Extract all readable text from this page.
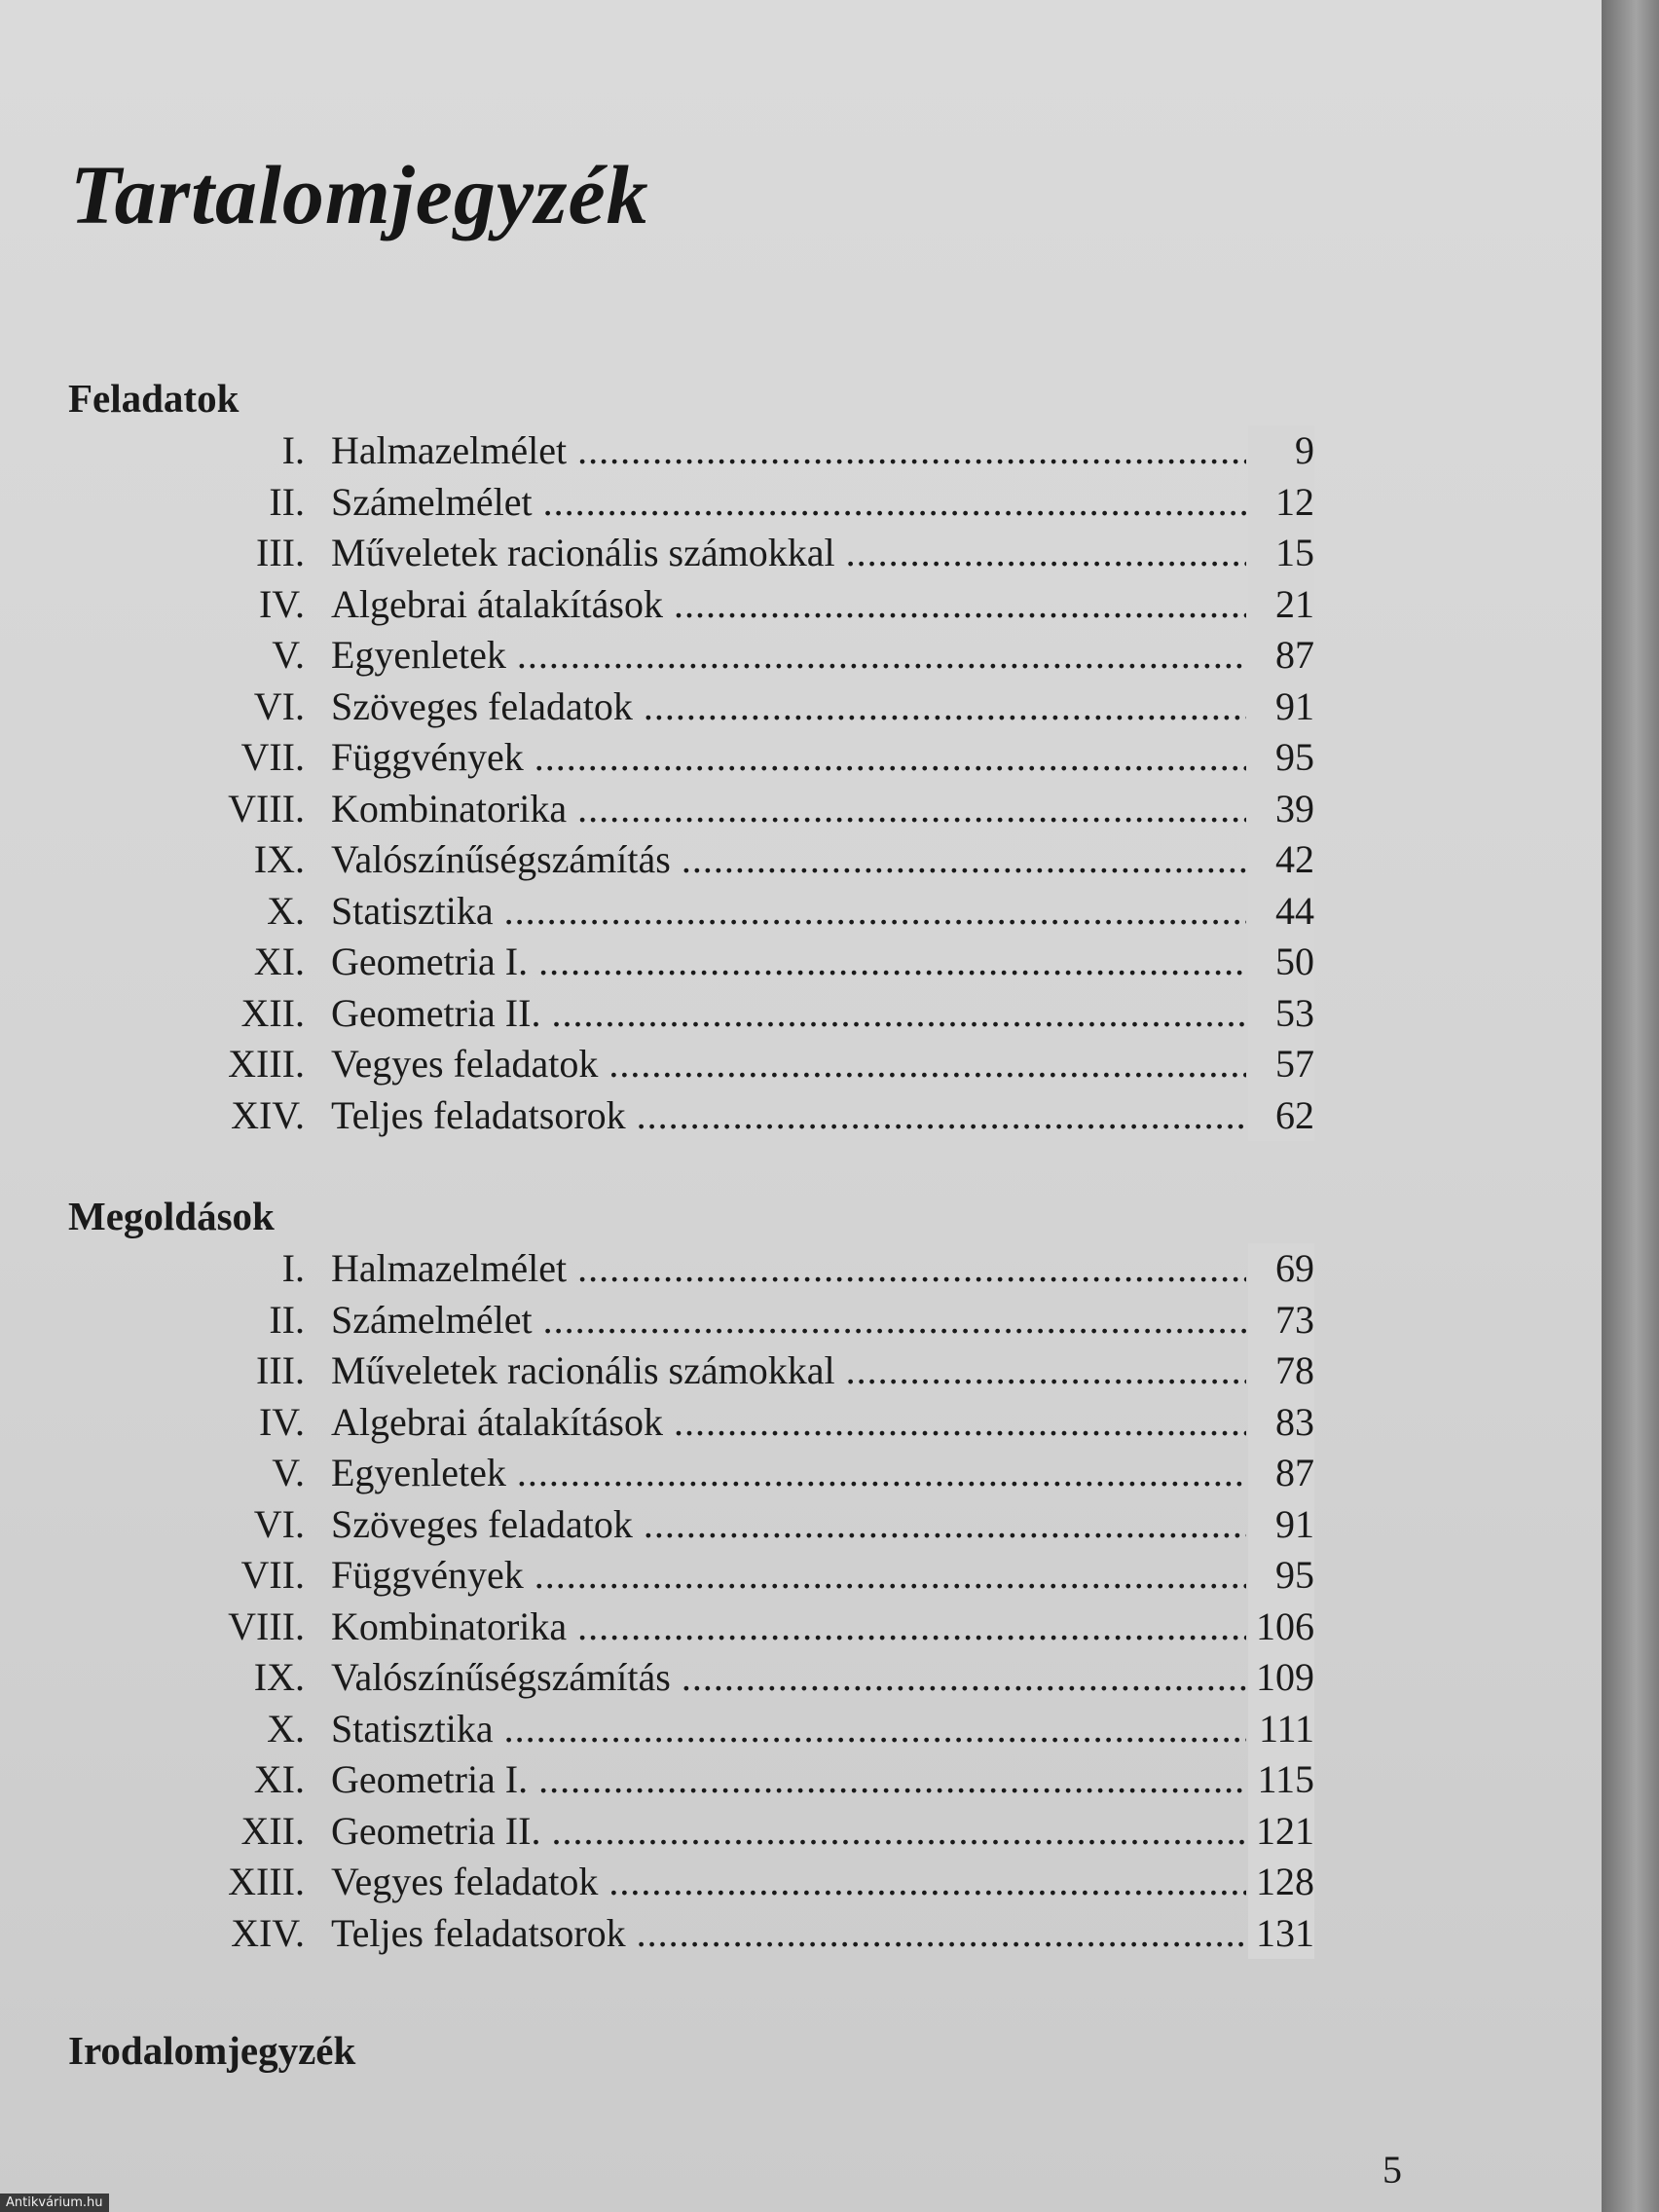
Tartalomjegyzék
Feladatok
I. Halmazelmélet .....	9
II. Számelmélet .....	12
III. Műveletek racionális számokkal .....	15
IV. Algebrai átalakítások .....	21
V. Egyenletek .....	87
VI. Szöveges feladatok .....	91
VII. Függvények .....	95
VIII. Kombinatorika .....	39
IX. Valószínűségszámítás .....	42
X. Statisztika .....	44
XI. Geometria I. .....	50
XII. Geometria II. .....	53
XIII. Vegyes feladatok .....	57
XIV. Teljes feladatsorok .....	62
Megoldások
I. Halmazelmélet .....	69
II. Számelmélet .....	73
III. Műveletek racionális számokkal .....	78
IV. Algebrai átalakítások .....	83
V. Egyenletek .....	87
VI. Szöveges feladatok .....	91
VII. Függvények .....	95
VIII. Kombinatorika .....	106
IX. Valószínűségszámítás .....	109
X. Statisztika .....	111
XI. Geometria I. .....	115
XII. Geometria II. .....	121
XIII. Vegyes feladatok .....	128
XIV. Teljes feladatsorok .....	131
Irodalomjegyzék
5
Antikvárium.hu
